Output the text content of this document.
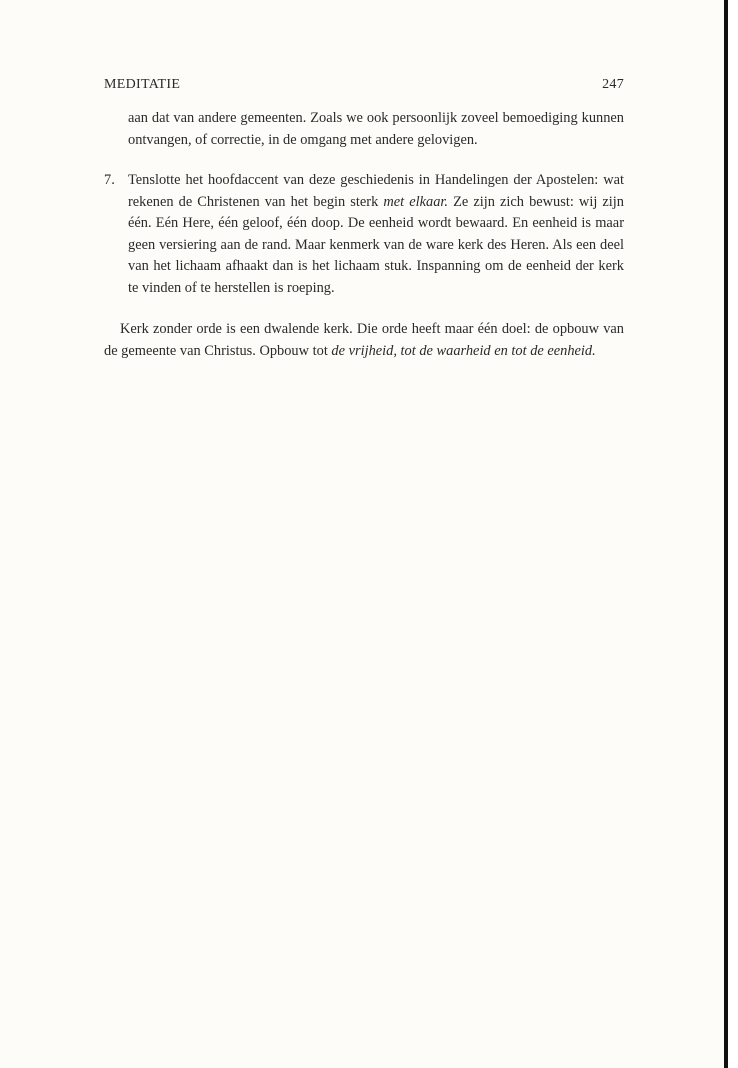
MEDITATIE	247

aan dat van andere gemeenten. Zoals we ook persoonlijk zoveel bemoediging kunnen ontvangen, of correctie, in de omgang met andere gelovigen.

7. Tenslotte het hoofdaccent van deze geschiedenis in Handelingen der Apostelen: wat rekenen de Christenen van het begin sterk met elkaar. Ze zijn zich bewust: wij zijn één. Eén Here, één geloof, één doop. De eenheid wordt bewaard. En eenheid is maar geen versiering aan de rand. Maar kenmerk van de ware kerk des Heren. Als een deel van het lichaam afhaakt dan is het lichaam stuk. Inspanning om de eenheid der kerk te vinden of te herstellen is roeping.

Kerk zonder orde is een dwalende kerk. Die orde heeft maar één doel: de opbouw van de gemeente van Christus. Opbouw tot de vrijheid, tot de waarheid en tot de eenheid.
